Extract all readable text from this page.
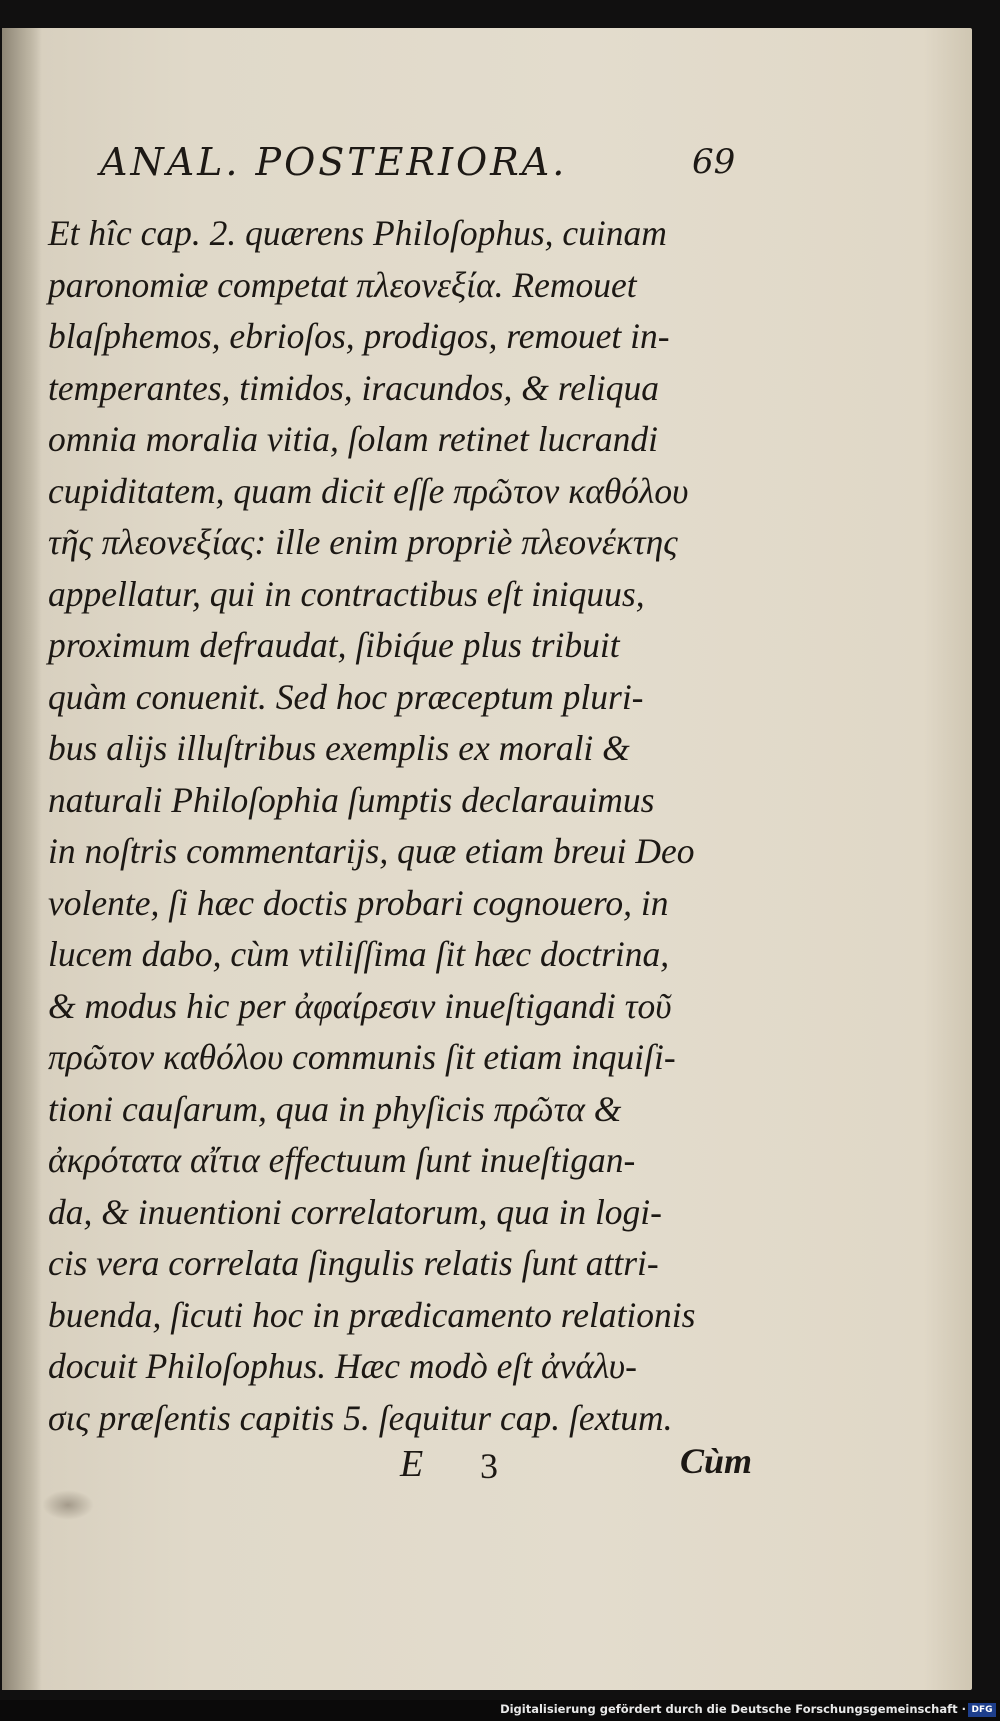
ANAL. POSTERIORA.	69
Et hîc cap. 2. quærens Philoſophus, cuinam
paronomiæ competat πλεονεξία. Remouet
blaſphemos, ebrioſos, prodigos, remouet in-
temperantes, timidos, iracundos, & reliqua
omnia moralia vitia, ſolam retinet lucrandi
cupiditatem, quam dicit eſſe πρῶτον καθόλου
τῆς πλεονεξίας: ille enim propriè πλεονέκτης
appellatur, qui in contractibus eſt iniquus,
proximum defraudat, ſibiq́ue plus tribuit
quàm conuenit. Sed hoc præceptum pluri-
bus alijs illuſtribus exemplis ex morali &
naturali Philoſophia ſumptis declarauimus
in noſtris commentarijs, quæ etiam breui Deo
volente, ſi hæc doctis probari cognouero, in
lucem dabo, cùm vtiliſſima ſit hæc doctrina,
& modus hic per ἀφαίρεσιν inueſtigandi τοῦ
πρῶτον καθόλου communis ſit etiam inquiſi-
tioni cauſarum, qua in phyſicis πρῶτα &
ἀκρότατα αἴτια effectuum ſunt inueſtigan-
da, & inuentioni correlatorum, qua in logi-
cis vera correlata ſingulis relatis ſunt attri-
buenda, ſicuti hoc in prædicamento relationis
docuit Philoſophus. Hæc modò eſt ἀνάλυ-
σις præſentis capitis 5. ſequitur cap. ſextum.
E 3	Cùm
Digitalisierung gefördert durch die Deutsche Forschungsgemeinschaft · DFG
